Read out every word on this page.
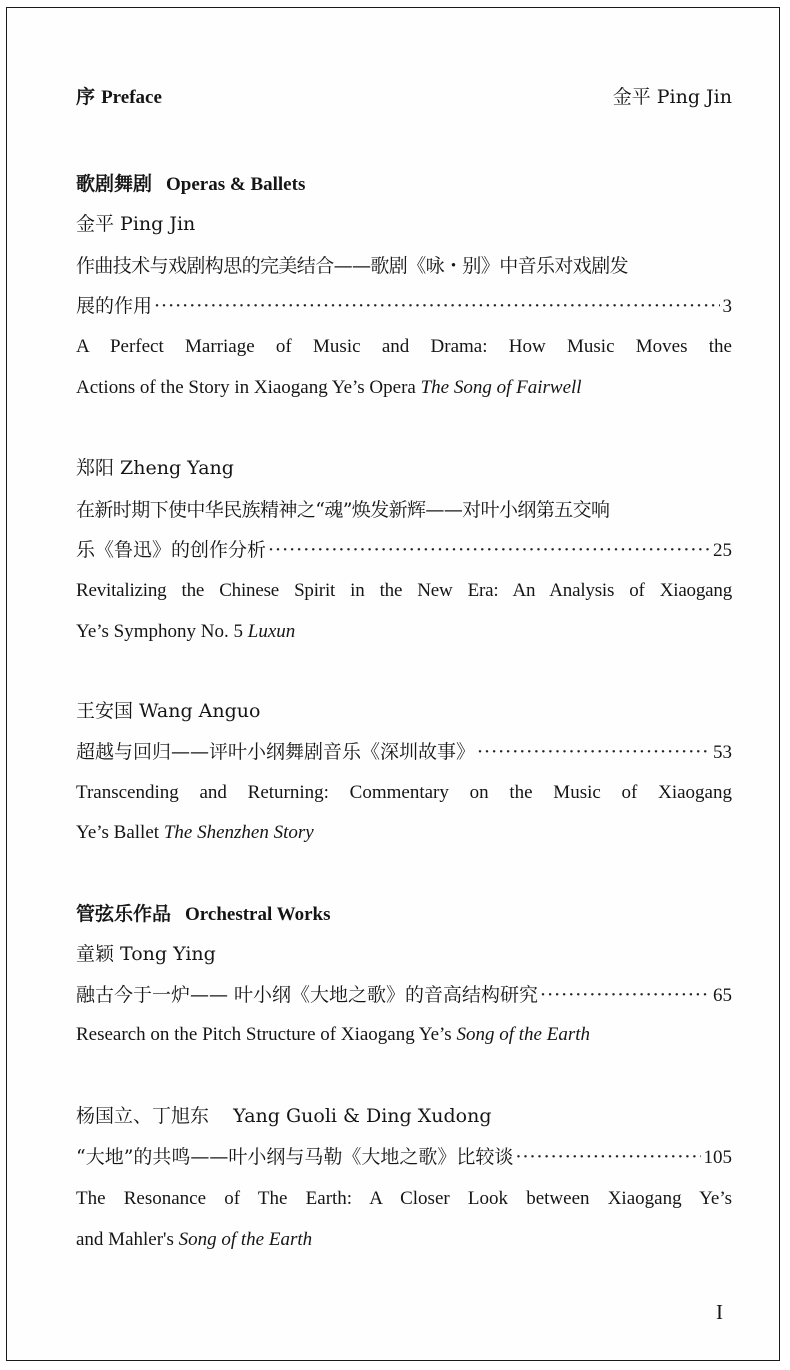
序 Preface	金平 Ping Jin
歌剧舞剧 Operas & Ballets
金平 Ping Jin
作曲技术与戏剧构思的完美结合——歌剧《咏・别》中音乐对戏剧发
展的作用 ·····	3
A Perfect Marriage of Music and Drama: How Music Moves the
Actions of the Story in Xiaogang Ye’s Opera The Song of Fairwell
郑阳 Zheng Yang
在新时期下使中华民族精神之“魂”焕发新辉——对叶小纲第五交响
乐《鲁迅》的创作分析 ·····	25
Revitalizing the Chinese Spirit in the New Era: An Analysis of Xiaogang
Ye’s Symphony No. 5 Luxun
王安国 Wang Anguo
超越与回归——评叶小纲舞剧音乐《深圳故事》 ·····	53
Transcending and Returning: Commentary on the Music of Xiaogang
Ye’s Ballet The Shenzhen Story
管弦乐作品 Orchestral Works
童颖 Tong Ying
融古今于一炉—— 叶小纲《大地之歌》的音高结构研究 ·····	65
Research on the Pitch Structure of Xiaogang Ye’s Song of the Earth
杨国立、丁旭东    Yang Guoli & Ding Xudong
“大地”的共鸣——叶小纲与马勒《大地之歌》比较谈 ·····	105
The Resonance of The Earth: A Closer Look between Xiaogang Ye’s
and Mahler's Song of the Earth
I
